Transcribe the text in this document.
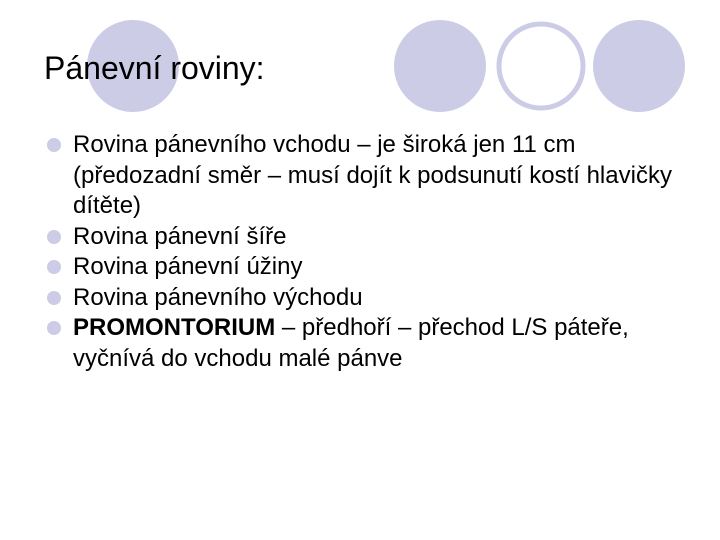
Pánevní roviny:
Rovina pánevního vchodu – je široká jen 11 cm (předozadní směr – musí dojít k podsunutí kostí hlavičky dítěte)
Rovina pánevní šíře
Rovina pánevní úžiny
Rovina pánevního východu
PROMONTORIUM – předhoří – přechod L/S páteře, vyčnívá do vchodu malé pánve
